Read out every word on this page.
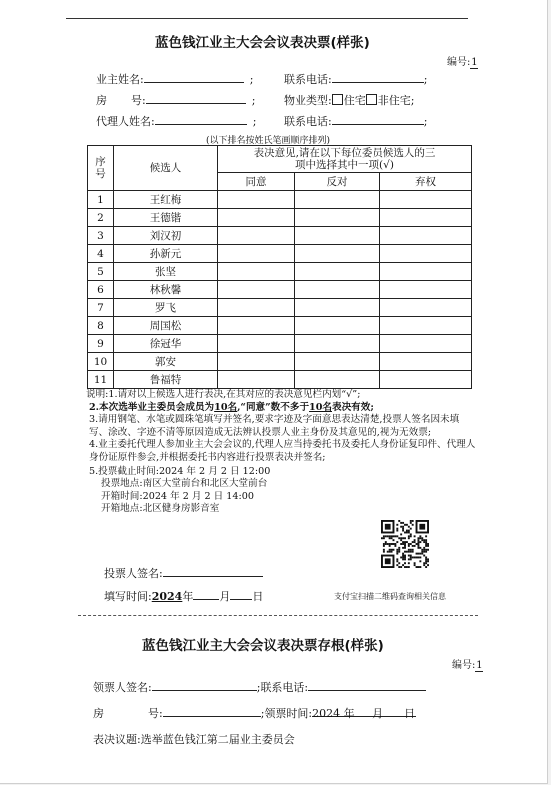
蓝色钱江业主大会会议表决票(样张)
编号:1
业主姓名:	;	联系电话:	;
房 号:	;	物业类型: 住宅 非住宅;
代理人姓名:	;	联系电话:	;
(以下排名按姓氏笔画顺序排列)
序
号	候选人	表决意见,请在以下每位委员候选人的三
项中选择其中一项(√)		
		同意	反对	弃权
1	王红梅			
2	王德锴			
3	刘汉初			
4	孙新元			
5	张坚			
6	林秋馨			
7	罗飞			
8	周国松			
9	徐冠华			
10	郭安			
11	鲁福特			

说明:1.请对以上候选人进行表决,在其对应的表决意见栏内划“√”;

2.本次选举业主委员会成员为10名,“同意”数不多于10名表决有效;

3.请用钢笔、水笔或圆珠笔填写并签名,要求字迹及字面意思表达清楚,投票人签名因未填写、涂改、字迹不清等原因造成无法辨认投票人业主身份及其意见的,视为无效票;

4.业主委托代理人参加业主大会会议的,代理人应当持委托书及委托人身份证复印件、代理人身份证原件参会,并根据委托书内容进行投票表决并签名;

5.投票截止时间:2024 年 2 月 2 日 12:00

投票地点:南区大堂前台和北区大堂前台

开箱时间:2024 年 2 月 2 日 14:00

开箱地点:北区健身房影音室

投票人签名:
填写时间:2024年 月 日	支付宝扫描二维码查询相关信息
蓝色钱江业主大会会议表决票存根(样张)
编号:1
领票人签名:	;联系电话:
房	号:	;领票时间:2024 年 月 日
表决议题:选举蓝色钱江第二届业主委员会
